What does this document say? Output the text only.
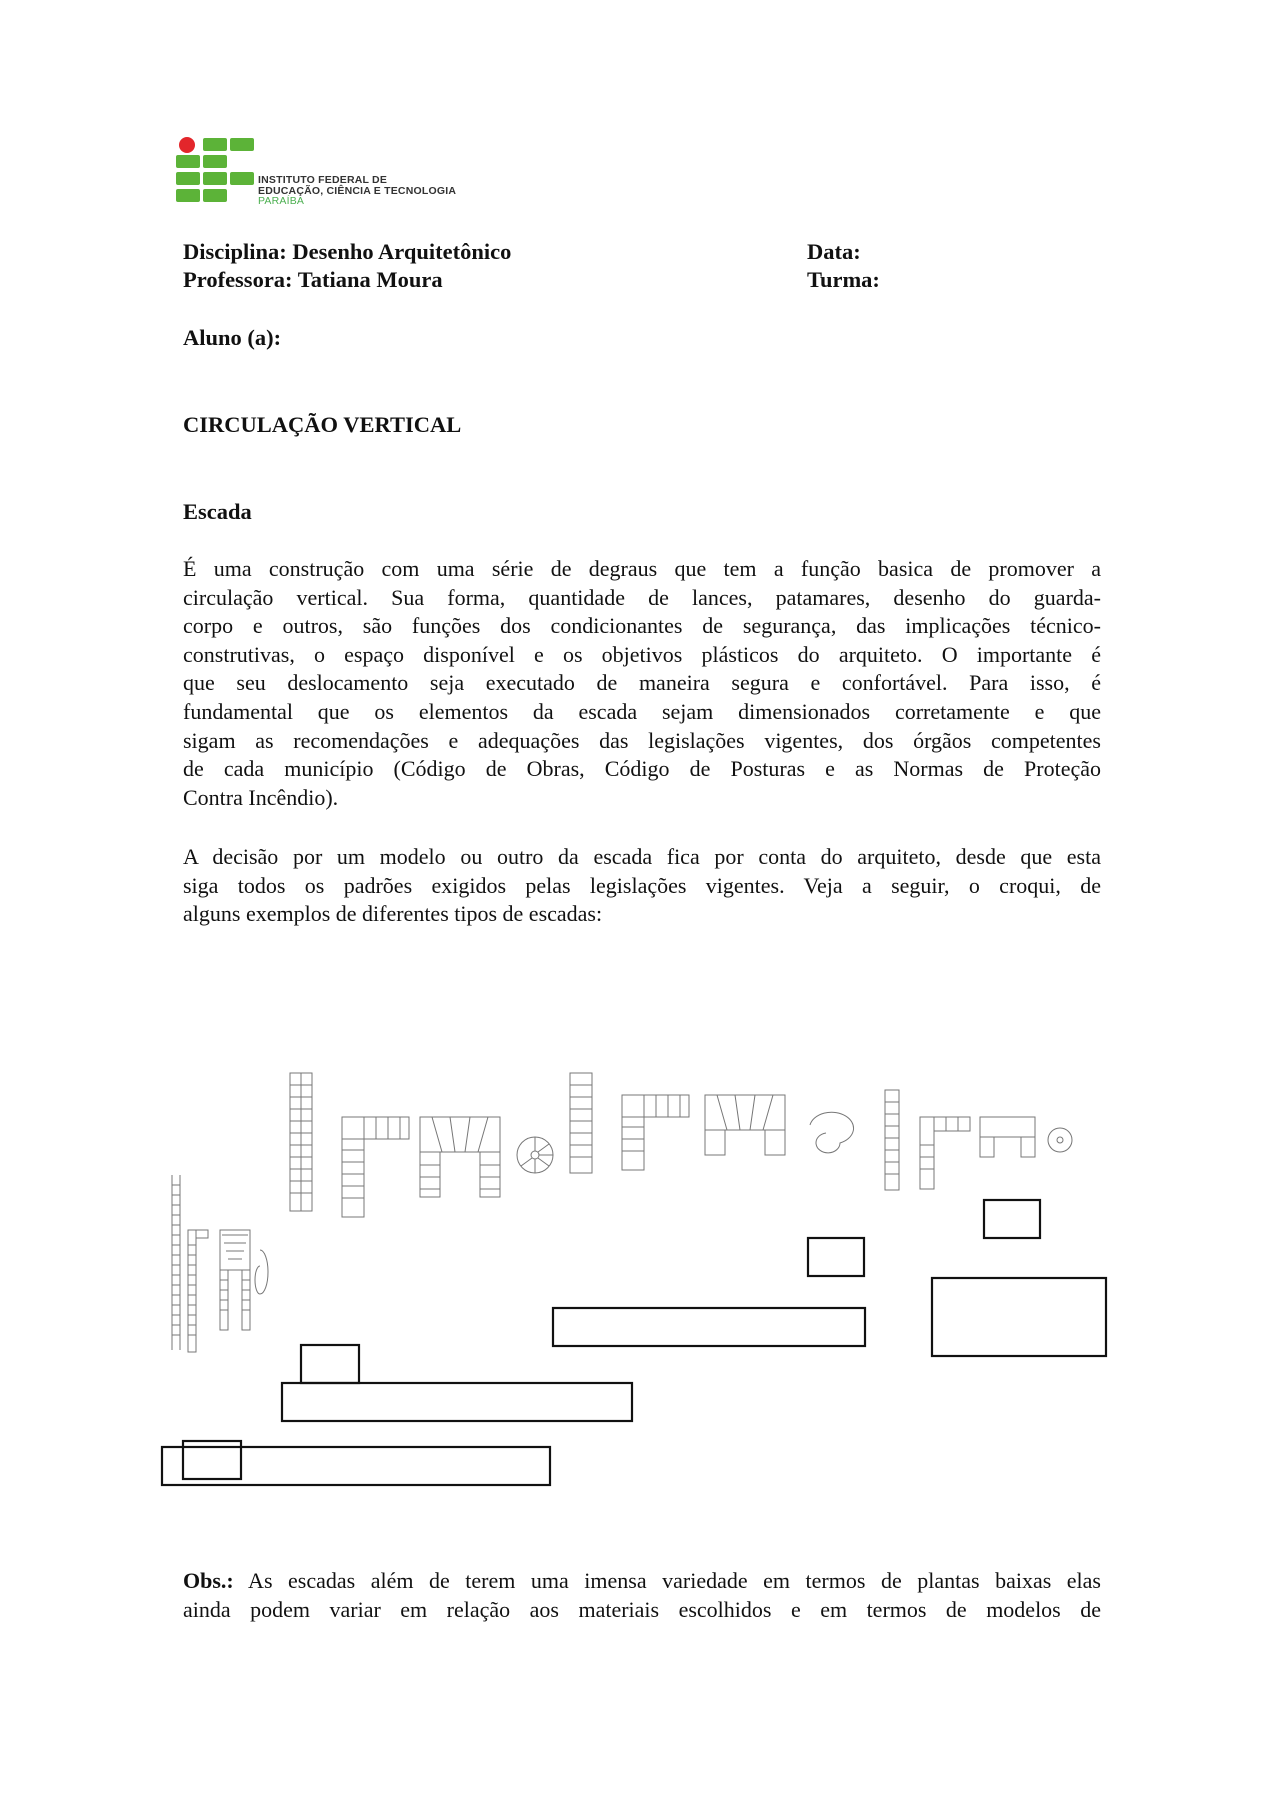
INSTITUTO FEDERAL DE
EDUCAÇÃO, CIÊNCIA E TECNOLOGIA
PARAÍBA
Disciplina: Desenho Arquitetônico
Professora: Tatiana Moura
Data:
Turma:
Aluno (a):
CIRCULAÇÃO VERTICAL
Escada
É uma construção com uma série de degraus que tem a função basica de promover a
circulação vertical. Sua forma, quantidade de lances, patamares, desenho do guarda-
corpo e outros, são funções dos condicionantes de segurança, das implicações técnico-
construtivas, o espaço disponível e os objetivos plásticos do arquiteto. O importante é
que seu deslocamento seja executado de maneira segura e confortável. Para isso, é
fundamental que os elementos da escada sejam dimensionados corretamente e que
sigam as recomendações e adequações das legislações vigentes, dos órgãos competentes
de cada município (Código de Obras, Código de Posturas e as Normas de Proteção
Contra Incêndio).
A decisão por um modelo ou outro da escada fica por conta do arquiteto, desde que esta
siga todos os padrões exigidos pelas legislações vigentes. Veja a seguir, o croqui, de
alguns exemplos de diferentes tipos de escadas:
Obs.: As escadas além de terem uma imensa variedade em termos de plantas baixas elas
ainda podem variar em relação aos materiais escolhidos e em termos de modelos de
